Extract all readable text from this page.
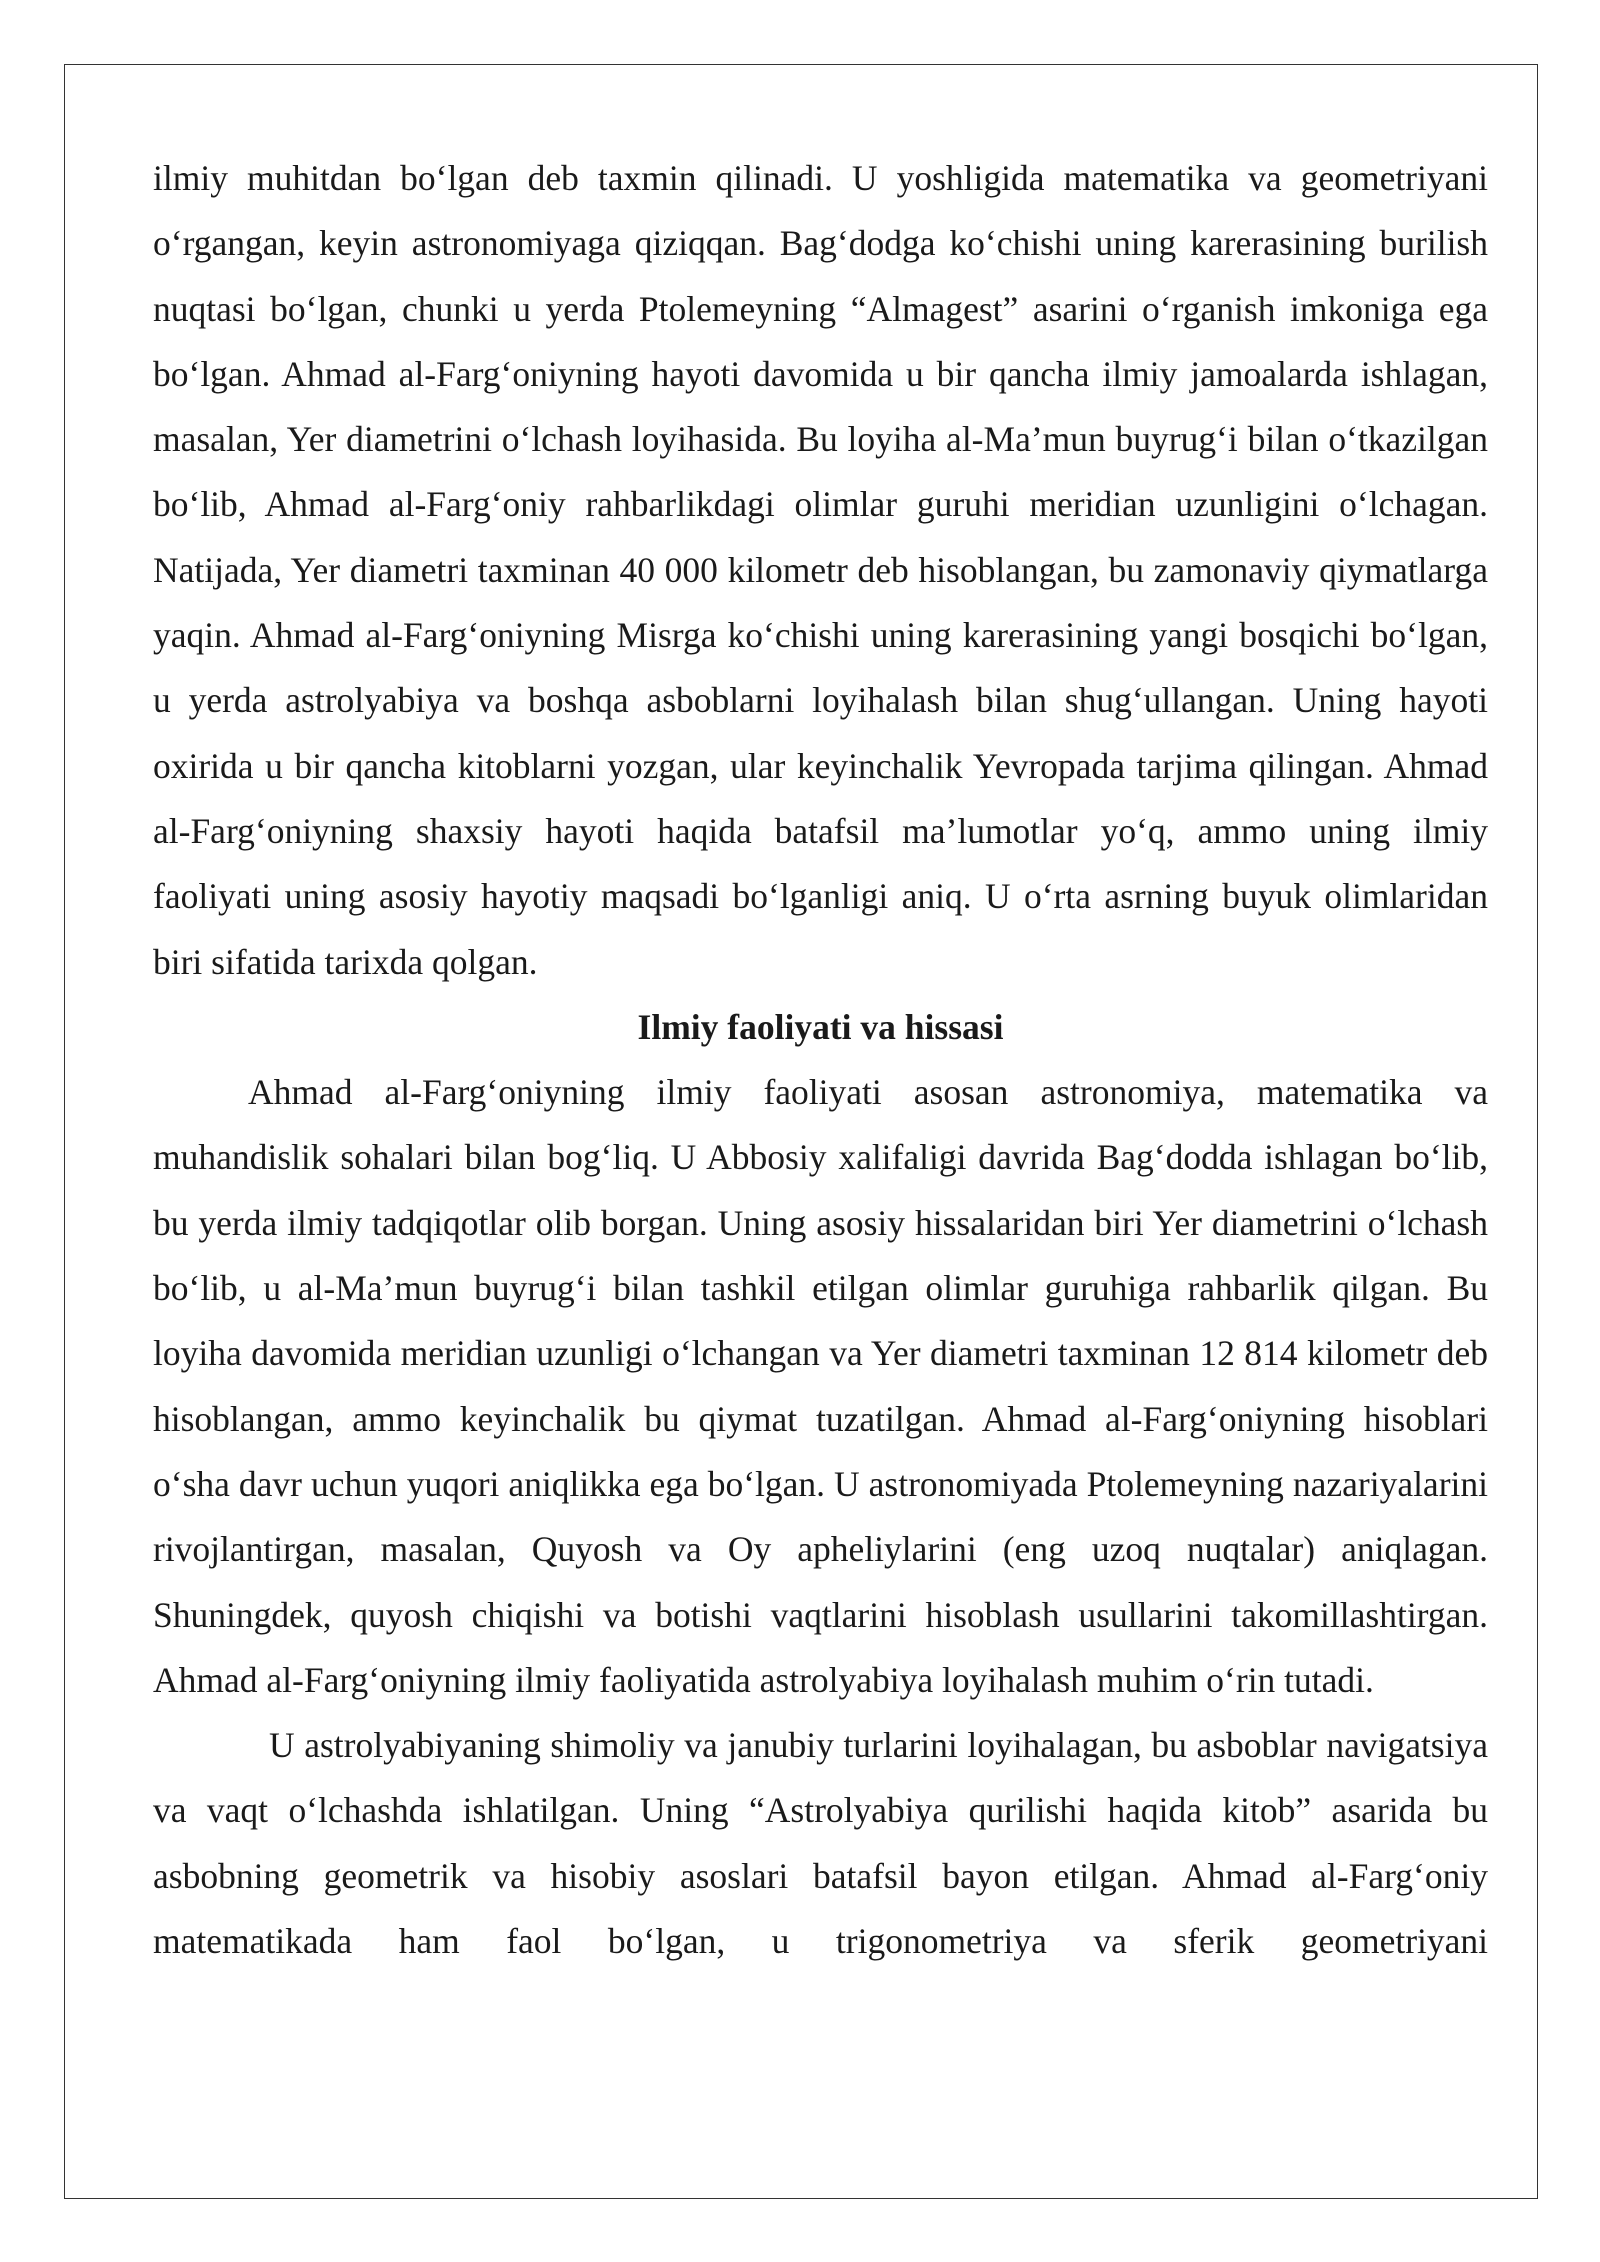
ilmiy muhitdan bo‘lgan deb taxmin qilinadi. U yoshligida matematika va geometriyani o‘rgangan, keyin astronomiyaga qiziqqan. Bag‘dodga ko‘chishi uning karerasining burilish nuqtasi bo‘lgan, chunki u yerda Ptolemeyning “Almagest” asarini o‘rganish imkoniga ega bo‘lgan. Ahmad al-Farg‘oniyning hayoti davomida u bir qancha ilmiy jamoalarda ishlagan, masalan, Yer diametrini o‘lchash loyihasida. Bu loyiha al-Ma’mun buyrug‘i bilan o‘tkazilgan bo‘lib, Ahmad al-Farg‘oniy rahbarlikdagi olimlar guruhi meridian uzunligini o‘lchagan. Natijada, Yer diametri taxminan 40 000 kilometr deb hisoblangan, bu zamonaviy qiymatlarga yaqin. Ahmad al-Farg‘oniyning Misrga ko‘chishi uning karerasining yangi bosqichi bo‘lgan, u yerda astrolyabiya va boshqa asboblarni loyihalash bilan shug‘ullangan. Uning hayoti oxirida u bir qancha kitoblarni yozgan, ular keyinchalik Yevropada tarjima qilingan. Ahmad al-Farg‘oniyning shaxsiy hayoti haqida batafsil ma’lumotlar yo‘q, ammo uning ilmiy faoliyati uning asosiy hayotiy maqsadi bo‘lganligi aniq. U o‘rta asrning buyuk olimlaridan biri sifatida tarixda qolgan.

Ilmiy faoliyati va hissasi

Ahmad al-Farg‘oniyning ilmiy faoliyati asosan astronomiya, matematika va muhandislik sohalari bilan bog‘liq. U Abbosiy xalifaligi davrida Bag‘dodda ishlagan bo‘lib, bu yerda ilmiy tadqiqotlar olib borgan. Uning asosiy hissalaridan biri Yer diametrini o‘lchash bo‘lib, u al-Ma’mun buyrug‘i bilan tashkil etilgan olimlar guruhiga rahbarlik qilgan. Bu loyiha davomida meridian uzunligi o‘lchangan va Yer diametri taxminan 12 814 kilometr deb hisoblangan, ammo keyinchalik bu qiymat tuzatilgan. Ahmad al-Farg‘oniyning hisoblari o‘sha davr uchun yuqori aniqlikka ega bo‘lgan. U astronomiyada Ptolemeyning nazariyalarini rivojlantirgan, masalan, Quyosh va Oy apheliylarini (eng uzoq nuqtalar) aniqlagan. Shuningdek, quyosh chiqishi va botishi vaqtlarini hisoblash usullarini takomillashtirgan. Ahmad al-Farg‘oniyning ilmiy faoliyatida astrolyabiya loyihalash muhim o‘rin tutadi.

U astrolyabiyaning shimoliy va janubiy turlarini loyihalagan, bu asboblar navigatsiya va vaqt o‘lchashda ishlatilgan. Uning “Astrolyabiya qurilishi haqida kitob” asarida bu asbobning geometrik va hisobiy asoslari batafsil bayon etilgan. Ahmad al-Farg‘oniy matematikada ham faol bo‘lgan, u trigonometriya va sferik geometriyani
